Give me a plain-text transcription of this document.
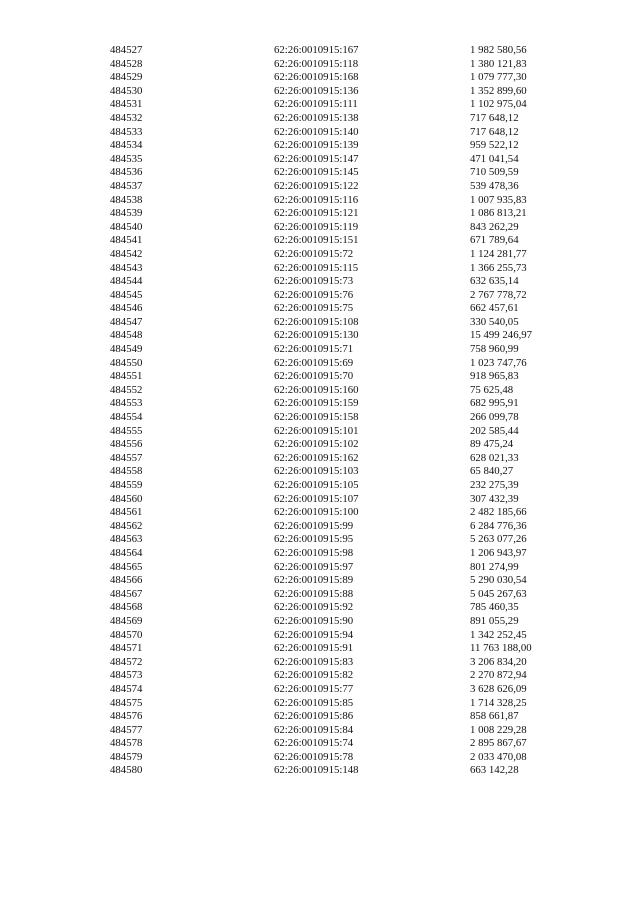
484527	62:26:0010915:167	1 982 580,56
484528	62:26:0010915:118	1 380 121,83
484529	62:26:0010915:168	1 079 777,30
484530	62:26:0010915:136	1 352 899,60
484531	62:26:0010915:111	1 102 975,04
484532	62:26:0010915:138	717 648,12
484533	62:26:0010915:140	717 648,12
484534	62:26:0010915:139	959 522,12
484535	62:26:0010915:147	471 041,54
484536	62:26:0010915:145	710 509,59
484537	62:26:0010915:122	539 478,36
484538	62:26:0010915:116	1 007 935,83
484539	62:26:0010915:121	1 086 813,21
484540	62:26:0010915:119	843 262,29
484541	62:26:0010915:151	671 789,64
484542	62:26:0010915:72	1 124 281,77
484543	62:26:0010915:115	1 366 255,73
484544	62:26:0010915:73	632 635,14
484545	62:26:0010915:76	2 767 778,72
484546	62:26:0010915:75	662 457,61
484547	62:26:0010915:108	330 540,05
484548	62:26:0010915:130	15 499 246,97
484549	62:26:0010915:71	758 960,99
484550	62:26:0010915:69	1 023 747,76
484551	62:26:0010915:70	918 965,83
484552	62:26:0010915:160	75 625,48
484553	62:26:0010915:159	682 995,91
484554	62:26:0010915:158	266 099,78
484555	62:26:0010915:101	202 585,44
484556	62:26:0010915:102	89 475,24
484557	62:26:0010915:162	628 021,33
484558	62:26:0010915:103	65 840,27
484559	62:26:0010915:105	232 275,39
484560	62:26:0010915:107	307 432,39
484561	62:26:0010915:100	2 482 185,66
484562	62:26:0010915:99	6 284 776,36
484563	62:26:0010915:95	5 263 077,26
484564	62:26:0010915:98	1 206 943,97
484565	62:26:0010915:97	801 274,99
484566	62:26:0010915:89	5 290 030,54
484567	62:26:0010915:88	5 045 267,63
484568	62:26:0010915:92	785 460,35
484569	62:26:0010915:90	891 055,29
484570	62:26:0010915:94	1 342 252,45
484571	62:26:0010915:91	11 763 188,00
484572	62:26:0010915:83	3 206 834,20
484573	62:26:0010915:82	2 270 872,94
484574	62:26:0010915:77	3 628 626,09
484575	62:26:0010915:85	1 714 328,25
484576	62:26:0010915:86	858 661,87
484577	62:26:0010915:84	1 008 229,28
484578	62:26:0010915:74	2 895 867,67
484579	62:26:0010915:78	2 033 470,08
484580	62:26:0010915:148	663 142,28
